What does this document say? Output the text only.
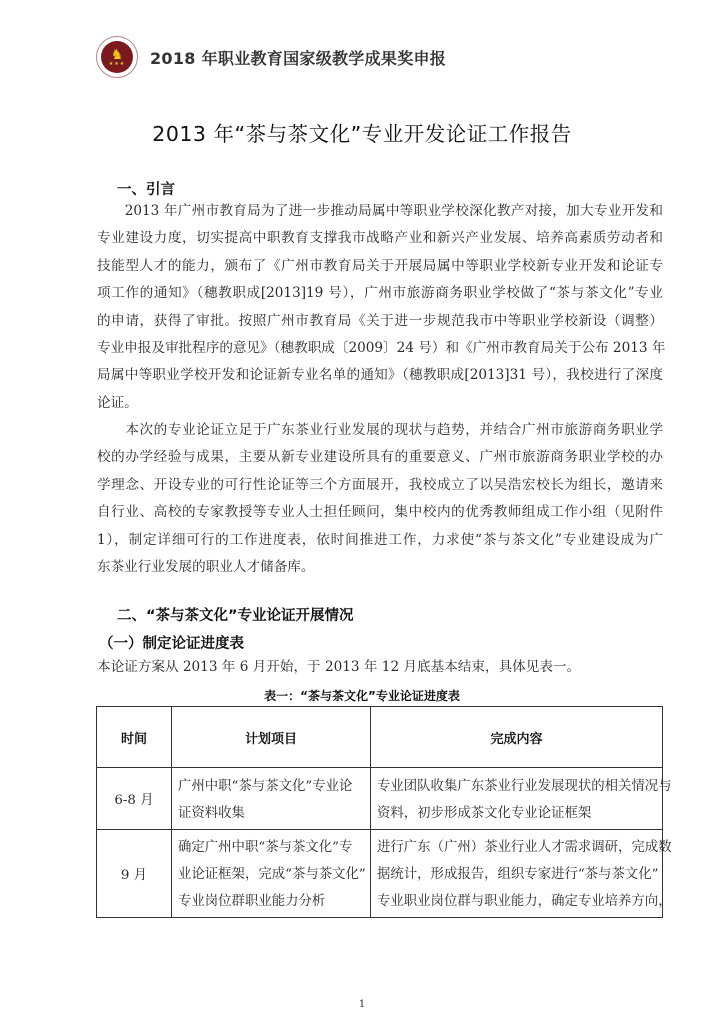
♞
★★★ 2018 年职业教育国家级教学成果奖申报
2013 年“茶与茶文化”专业开发论证工作报告
一、引言
　　2013 年广州市教育局为了进一步推动局属中等职业学校深化教产对接，加大专业开发和
专业建设力度，切实提高中职教育支撑我市战略产业和新兴产业发展、培养高素质劳动者和
技能型人才的能力，颁布了《广州市教育局关于开展局属中等职业学校新专业开发和论证专
项工作的通知》（穗教职成[2013]19 号），广州市旅游商务职业学校做了“茶与茶文化”专业
的申请，获得了审批。按照广州市教育局《关于进一步规范我市中等职业学校新设（调整）
专业申报及审批程序的意见》（穗教职成〔2009〕24 号）和《广州市教育局关于公布 2013 年
局属中等职业学校开发和论证新专业名单的通知》（穗教职成[2013]31 号），我校进行了深度
论证。
　　本次的专业论证立足于广东茶业行业发展的现状与趋势，并结合广州市旅游商务职业学
校的办学经验与成果，主要从新专业建设所具有的重要意义、广州市旅游商务职业学校的办
学理念、开设专业的可行性论证等三个方面展开，我校成立了以吴浩宏校长为组长，邀请来
自行业、高校的专家教授等专业人士担任顾问，集中校内的优秀教师组成工作小组（见附件
1），制定详细可行的工作进度表，依时间推进工作，力求使“茶与茶文化”专业建设成为广
东茶业行业发展的职业人才储备库。
二、“茶与茶文化”专业论证开展情况
（一）制定论证进度表
本论证方案从 2013 年 6 月开始，于 2013 年 12 月底基本结束，具体见表一。
表一：“茶与茶文化”专业论证进度表
时间	计划项目	完成内容
6-8 月	广州中职“茶与茶文化”专业论
证资料收集	专业团队收集广东茶业行业发展现状的相关情况与
资料，初步形成茶文化专业论证框架

9 月	确定广州中职“茶与茶文化”专
业论证框架，完成“茶与茶文化”
专业岗位群职业能力分析	进行广东（广州）茶业行业人才需求调研，完成数
据统计，形成报告，组织专家进行“茶与茶文化”
专业职业岗位群与职业能力，确定专业培养方向，
1
